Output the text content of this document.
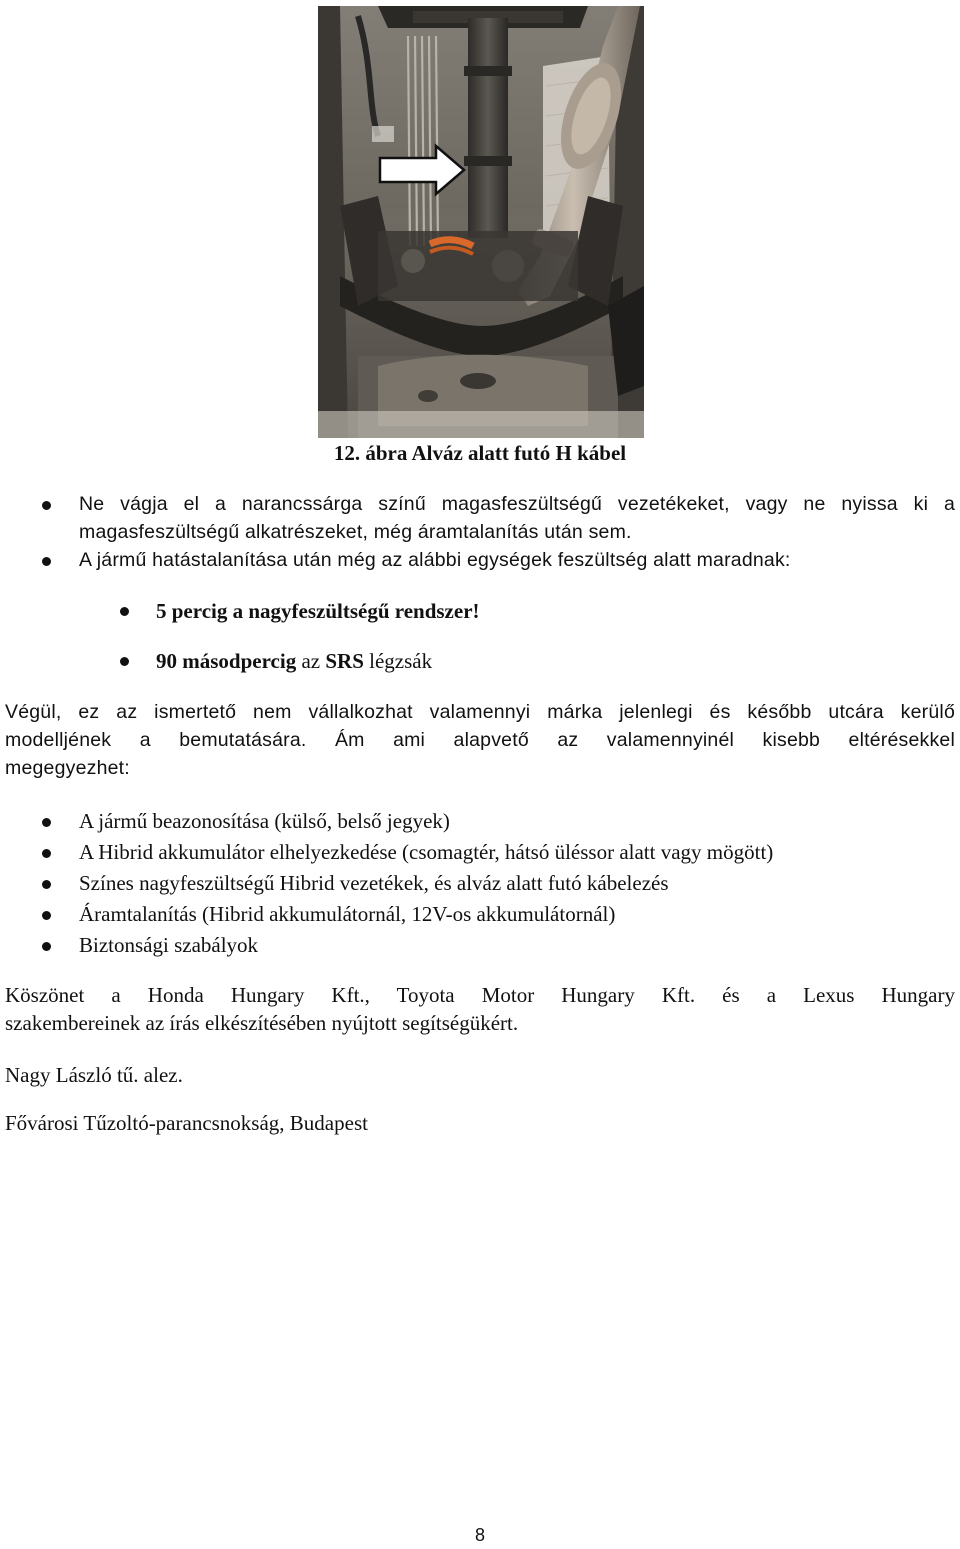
12. ábra Alváz alatt futó H kábel
Ne vágja el a narancssárga színű magasfeszültségű vezetékeket, vagy ne nyissa ki a
magasfeszültségű alkatrészeket, még áramtalanítás után sem.
A jármű hatástalanítása után még az alábbi egységek feszültség alatt maradnak:
5 percig a nagyfeszültségű rendszer!
90 másodpercig az SRS légzsák
Végül, ez az ismertető nem vállalkozhat valamennyi márka jelenlegi és később utcára kerülő
modelljének a bemutatására. Ám ami alapvető az valamennyinél kisebb eltérésekkel
megegyezhet:
A jármű beazonosítása (külső, belső jegyek)
A Hibrid akkumulátor elhelyezkedése (csomagtér, hátsó üléssor alatt vagy mögött)
Színes nagyfeszültségű Hibrid vezetékek, és alváz alatt futó kábelezés
Áramtalanítás (Hibrid akkumulátornál, 12V-os akkumulátornál)
Biztonsági szabályok
Köszönet a Honda Hungary Kft., Toyota Motor Hungary Kft. és a Lexus Hungary
szakembereinek az írás elkészítésében nyújtott segítségükért.
Nagy László tű. alez.
Fővárosi Tűzoltó-parancsnokság, Budapest
8
